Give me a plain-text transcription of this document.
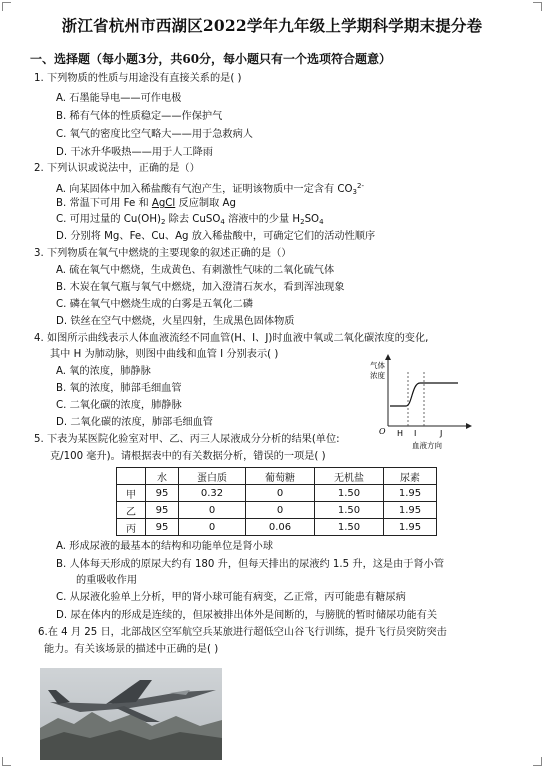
浙江省杭州市西湖区2022学年九年级上学期科学期末提分卷
一、选择题（每小题3分，共60分，每小题只有一个选项符合题意）
1. 下列物质的性质与用途没有直接关系的是( )
A. 石墨能导电——可作电极
B. 稀有气体的性质稳定——作保护气
C. 氧气的密度比空气略大——用于急救病人
D. 干冰升华吸热——用于人工降雨
2. 下列认识或说法中，正确的是（）
A. 向某固体中加入稀盐酸有气泡产生，证明该物质中一定含有 $CO_3^{2-}$
B. 常温下可用 Fe 和 AgCl 反应制取 Ag
C. 可用过量的 $Cu(OH)_2$ 除去 CuSO$_4$ 溶液中的少量 $H_2SO_4$
D. 分别将 Mg、Fe、Cu、Ag 放入稀盐酸中，可确定它们的活动性顺序
3. 下列物质在氧气中燃烧的主要现象的叙述正确的是（）
A. 硫在氧气中燃烧，生成黄色、有刺激性气味的二氧化硫气体
B. 木炭在氧气瓶与氧气中燃烧，加入澄清石灰水，看到浑浊现象
C. 磷在氧气中燃烧生成的白雾是五氧化二磷
D. 铁丝在空气中燃烧，火星四射，生成黑色固体物质
4. 如图所示曲线表示人体血液流经不同血管(H、I、J)时血液中氧或二氧化碳浓度的变化,
其中 H 为肺动脉，则图中曲线和血管 I 分别表示( )
A. 氧的浓度，肺静脉
B. 氧的浓度，肺部毛细血管
C. 二氧化碳的浓度，肺静脉
D. 二氧化碳的浓度，肺部毛细血管
气体
浓度
O H I	J
血液方向
5. 下表为某医院化验室对甲、乙、丙三人尿液成分分析的结果(单位:
克/100 毫升)。请根据表中的有关数据分析，错误的一项是( )
	水	蛋白质	葡萄糖	无机盐	尿素
甲	95	0.32	0	1.50	1.95
乙	95	0	0	1.50	1.95
丙	95	0	0.06	1.50	1.95
A. 形成尿液的最基本的结构和功能单位是肾小球
B. 人体每天形成的原尿大约有 180 升，但每天排出的尿液约 1.5 升，这是由于肾小管
的重吸收作用
C. 从尿液化验单上分析，甲的肾小球可能有病变，乙正常，丙可能患有糖尿病
D. 尿在体内的形成是连续的，但尿被排出体外是间断的，与膀胱的暂时储尿功能有关
6.在 4 月 25 日，北部战区空军航空兵某旅进行超低空山谷飞行训练，提升飞行员突防突击
能力。有关该场景的描述中正确的是( )
